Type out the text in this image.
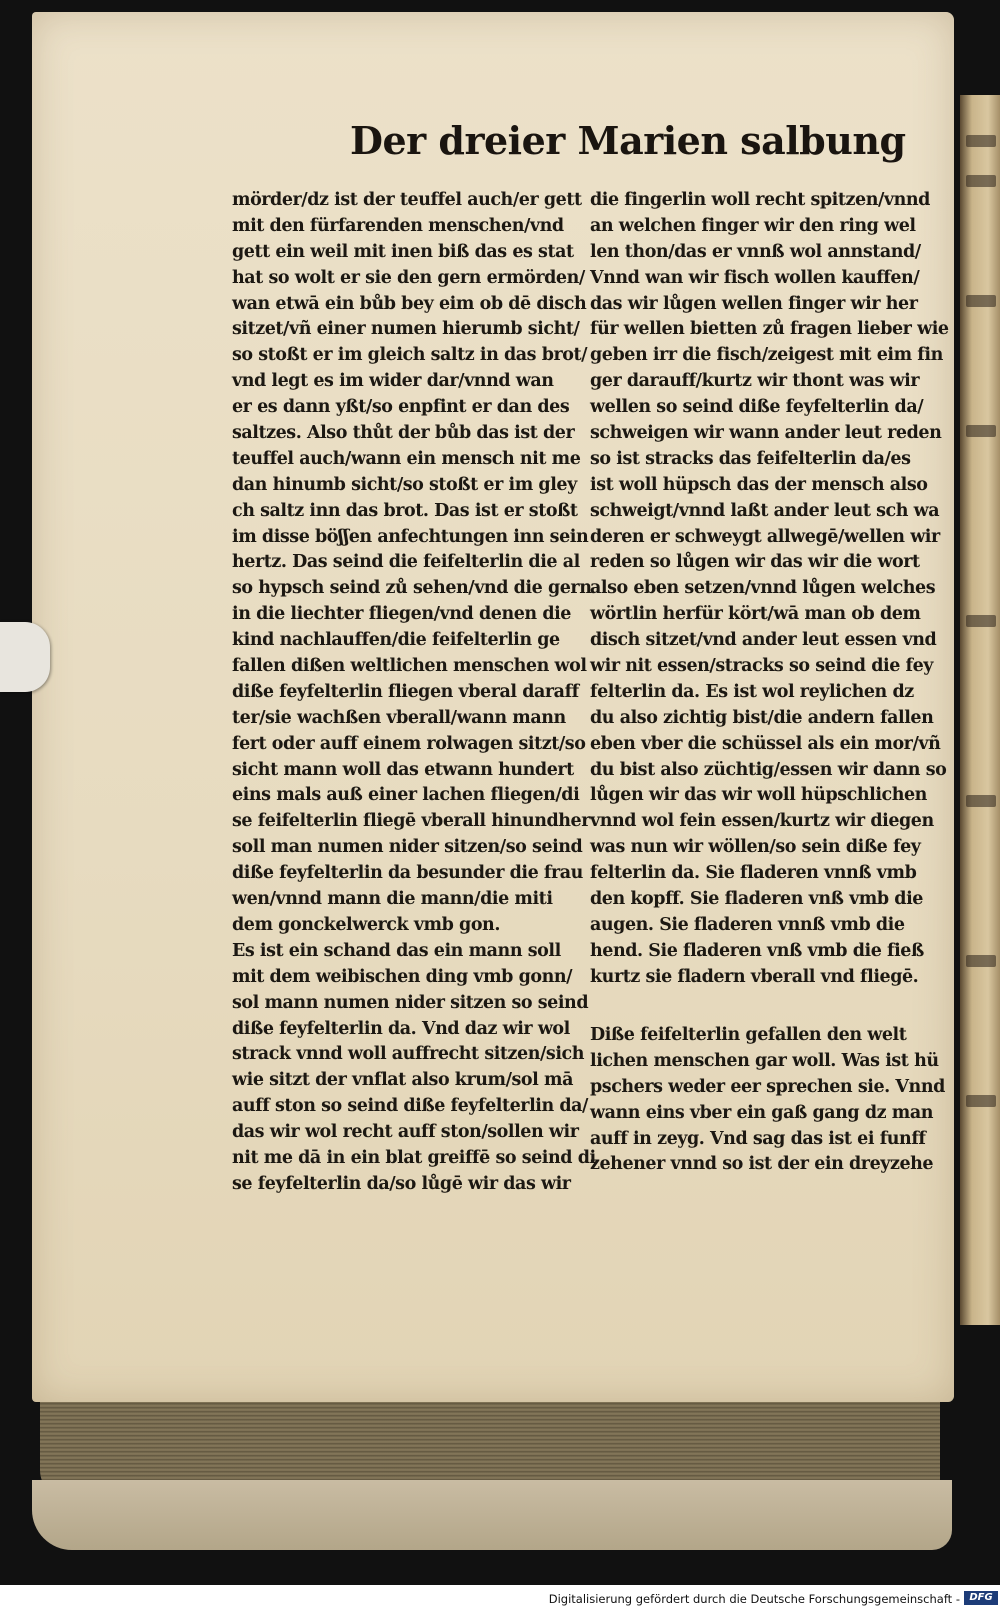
Der dreier Marien salbung
mörder/dz ist der teuffel auch/er gett
mit den fürfarenden menschen/vnd
gett ein weil mit inen biß das es stat
hat so wolt er sie den gern ermörden/
wan etwā ein bůb bey eim ob dē disch
sitzet/vñ einer numen hierumb sicht/
so stoßt er im gleich saltz in das brot/
vnd legt es im wider dar/vnnd wan
er es dann yßt/so enpfint er dan des
saltzes. Also thůt der bůb das ist der
teuffel auch/wann ein mensch nit me
dan hinumb sicht/so stoßt er im gley
ch saltz inn das brot. Das ist er stoßt
im disse böʃʃen anfechtungen inn sein
hertz. Das seind die feifelterlin die al
so hypsch seind zů sehen/vnd die gern
in die liechter fliegen/vnd denen die
kind nachlauffen/die feifelterlin ge
fallen dißen weltlichen menschen wol
diße feyfelterlin fliegen vberal daraff
ter/sie wachßen vberall/wann mann
fert oder auff einem rolwagen sitzt/so
sicht mann woll das etwann hundert
eins mals auß einer lachen fliegen/di
se feifelterlin fliegē vberall hinundher
soll man numen nider sitzen/so seind
diße feyfelterlin da besunder die frau
wen/vnnd mann die mann/die miti
dem gonckelwerck vmb gon.
Es ist ein schand das ein mann soll
mit dem weibischen ding vmb gonn/
sol mann numen nider sitzen so seind
diße feyfelterlin da. Vnd daz wir wol
strack vnnd woll auffrecht sitzen/sich
wie sitzt der vnflat also krum/sol mā
auff ston so seind diße feyfelterlin da/
das wir wol recht auff ston/sollen wir
nit me dā in ein blat greiffē so seind di
se feyfelterlin da/so lůgē wir das wir
die fingerlin woll recht spitzen/vnnd
an welchen finger wir den ring wel
len thon/das er vnnß wol annstand/
Vnnd wan wir fisch wollen kauffen/
das wir lůgen wellen finger wir her
für wellen bietten zů fragen lieber wie
geben irr die fisch/zeigest mit eim fin
ger darauff/kurtz wir thont was wir
wellen so seind diße feyfelterlin da/
schweigen wir wann ander leut reden
so ist stracks das feifelterlin da/es
ist woll hüpsch das der mensch also
schweigt/vnnd laßt ander leut sch wa
deren er schweygt allwegē/wellen wir
reden so lůgen wir das wir die wort
also eben setzen/vnnd lůgen welches
wörtlin herfür kört/wā man ob dem
disch sitzet/vnd ander leut essen vnd
wir nit essen/stracks so seind die fey
felterlin da. Es ist wol reylichen dz
du also zichtig bist/die andern fallen
eben vber die schüssel als ein mor/vñ
du bist also züchtig/essen wir dann so
lůgen wir das wir woll hüpschlichen
vnnd wol fein essen/kurtz wir diegen
was nun wir wöllen/so sein diße fey
felterlin da. Sie fladeren vnnß vmb
den kopff. Sie fladeren vnß vmb die
augen. Sie fladeren vnnß vmb die
hend. Sie fladeren vnß vmb die fieß
kurtz sie fladern vberall vnd fliegē.
Diße feifelterlin gefallen den welt
lichen menschen gar woll. Was ist hü
pschers weder eer sprechen sie. Vnnd
wann eins vber ein gaß gang dz man
auff in zeyg. Vnd sag das ist ei funff
zehener vnnd so ist der ein dreyzehe
Digitalisierung gefördert durch die Deutsche Forschungsgemeinschaft - DFG
